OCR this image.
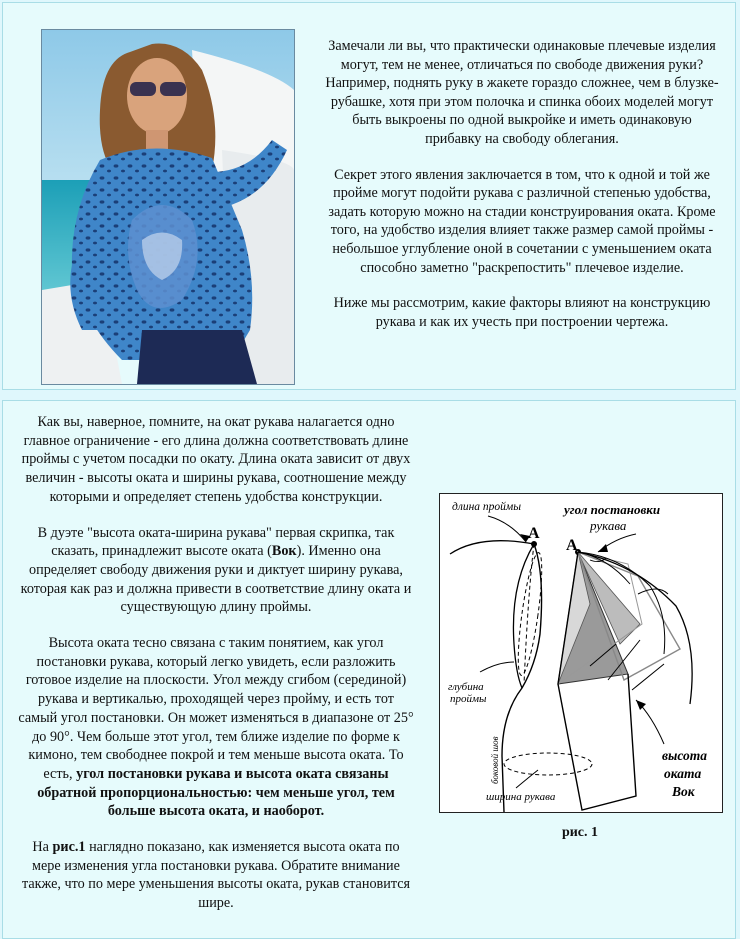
Замечали ли вы, что практически одинаковые плечевые изделия могут, тем не менее, отличаться по свободе движения руки? Например, поднять руку в жакете гораздо сложнее, чем в блузке-рубашке, хотя при этом полочка и спинка обоих моделей могут быть выкроены по одной выкройке и иметь одинаковую прибавку на свободу облегания.

Секрет этого явления заключается в том, что к одной и той же пройме могут подойти рукава с различной степенью удобства, задать которую можно на стадии конструирования оката. Кроме того, на удобство изделия влияет также размер самой проймы - небольшое углубление оной в сочетании с уменьшением оката способно заметно "раскрепостить" плечевое изделие.

Ниже мы рассмотрим, какие факторы влияют на конструкцию рукава и как их учесть при построении чертежа.

Как вы, наверное, помните, на окат рукава налагается одно главное ограничение - его длина должна соответствовать длине проймы с учетом посадки по окату. Длина оката зависит от двух величин - высоты оката и ширины рукава, соотношение между которыми и определяет степень удобства конструкции.

В дуэте "высота оката-ширина рукава" первая скрипка, так сказать, принадлежит высоте оката (Вок). Именно она определяет свободу движения руки и диктует ширину рукава, которая как раз и должна привести в соответствие длину оката и существующую длину проймы.

Высота оката тесно связана с таким понятием, как угол постановки рукава, который легко увидеть, если разложить готовое изделие на плоскости. Угол между сгибом (серединой) рукава и вертикалью, проходящей через пройму, и есть тот самый угол постановки. Он может изменяться в диапазоне от 25° до 90°. Чем больше этот угол, тем ближе изделие по форме к кимоно, тем свободнее покрой и тем меньше высота оката. То есть, угол постановки рукава и высота оката связаны обратной пропорциональностью: чем меньше угол, тем больше высота оката, и наоборот.

На рис.1 наглядно показано, как изменяется высота оката по мере изменения угла постановки рукава. Обратите внимание также, что по мере уменьшения высоты оката, рукав становится шире.

длина проймы	угол постановки
рукава
А
А
глубина
проймы
боковой шов
ширина рукава
высота
оката
Вок
рис. 1
